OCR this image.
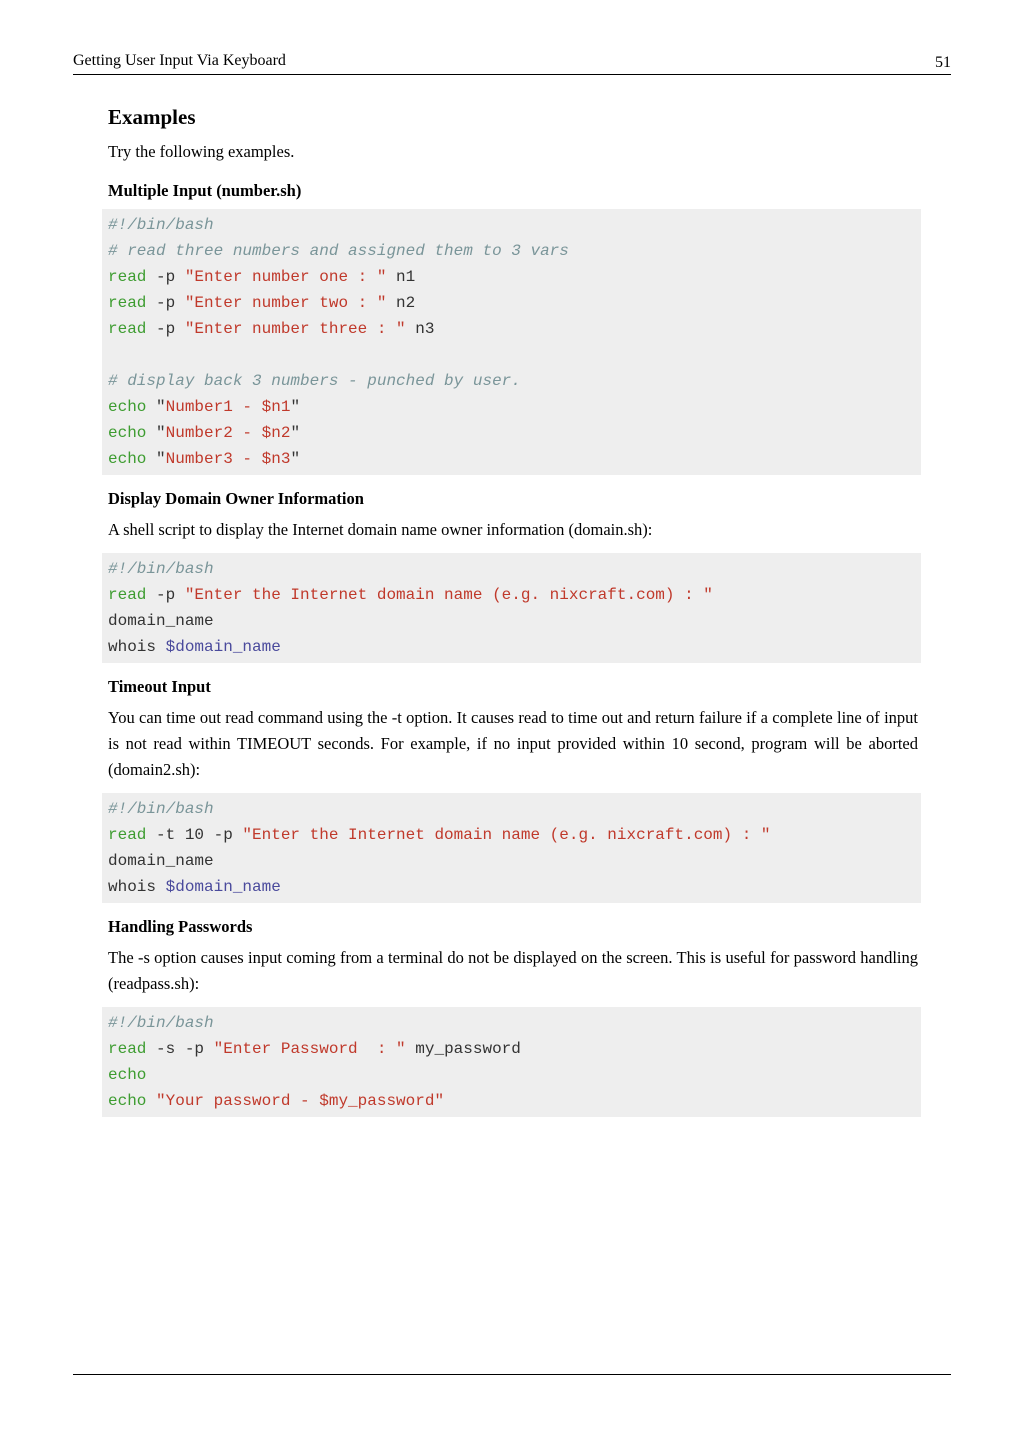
Getting User Input Via Keyboard	51
Examples

Try the following examples.

Multiple Input (number.sh)
#!/bin/bash
# read three numbers and assigned them to 3 vars
read -p "Enter number one : " n1
read -p "Enter number two : " n2
read -p "Enter number three : " n3
# display back 3 numbers - punched by user.
echo "Number1 - $n1"
echo "Number2 - $n2"
echo "Number3 - $n3"
Display Domain Owner Information

A shell script to display the Internet domain name owner information (domain.sh):

#!/bin/bash
read -p "Enter the Internet domain name (e.g. nixcraft.com) : "
domain_name
whois $domain_name
Timeout Input

You can time out read command using the -t option. It causes read to time out and return failure if a complete line of input is not read within TIMEOUT seconds. For example, if no input provided within 10 second, program will be aborted (domain2.sh):

#!/bin/bash
read -t 10 -p "Enter the Internet domain name (e.g. nixcraft.com) : "
domain_name
whois $domain_name
Handling Passwords

The -s option causes input coming from a terminal do not be displayed on the screen. This is useful for password handling (readpass.sh):

#!/bin/bash
read -s -p "Enter Password  : " my_password
echo
echo "Your password - $my_password"
